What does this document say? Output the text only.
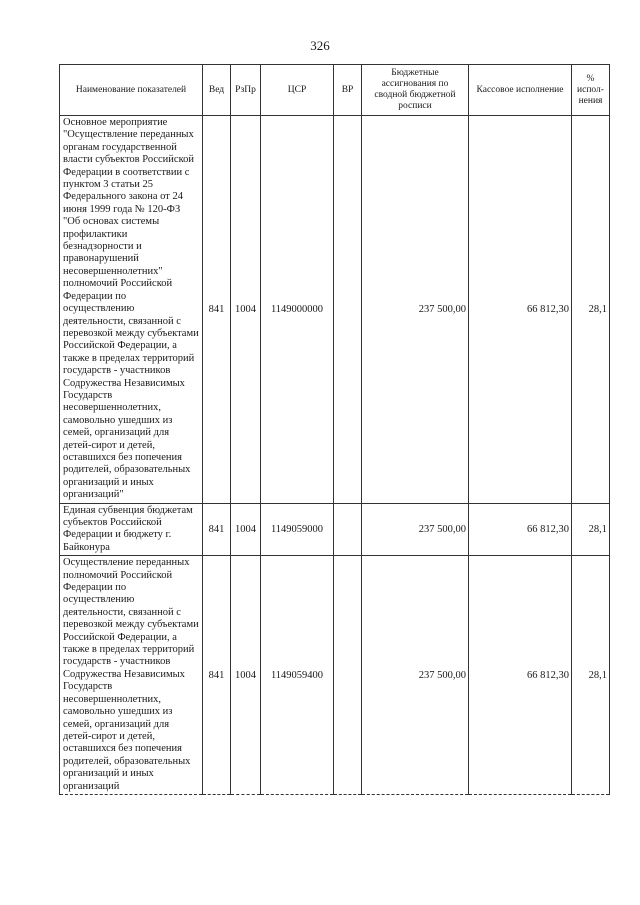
326
Наименование показателей	Вед	РзПр	ЦСР	ВР	Бюджетные ассигнования по сводной бюджетной росписи	Кассовое исполнение	% испол-нения
Основное мероприятие "Осуществление переданных органам государственной власти субъектов Российской Федерации в соответствии с пунктом 3 статьи 25 Федерального закона от 24 июня 1999 года № 120-ФЗ "Об основах системы профилактики безнадзорности и правонарушений несовершеннолетних" полномочий Российской Федерации по осуществлению деятельности, связанной с перевозкой между субъектами Российской Федерации, а также в пределах территорий государств - участников Содружества Независимых Государств несовершеннолетних, самовольно ушедших из семей, организаций для детей-сирот и детей, оставшихся без попечения родителей, образовательных организаций и иных организаций"	841	1004	1149000000		237 500,00	66 812,30	28,1
Единая субвенция бюджетам субъектов Российской Федерации и бюджету г. Байконура	841	1004	1149059000		237 500,00	66 812,30	28,1
Осуществление переданных полномочий Российской Федерации по осуществлению деятельности, связанной с перевозкой между субъектами Российской Федерации, а также в пределах территорий государств - участников Содружества Независимых Государств несовершеннолетних, самовольно ушедших из семей, организаций для детей-сирот и детей, оставшихся без попечения родителей, образовательных организаций и иных организаций	841	1004	1149059400		237 500,00	66 812,30	28,1
